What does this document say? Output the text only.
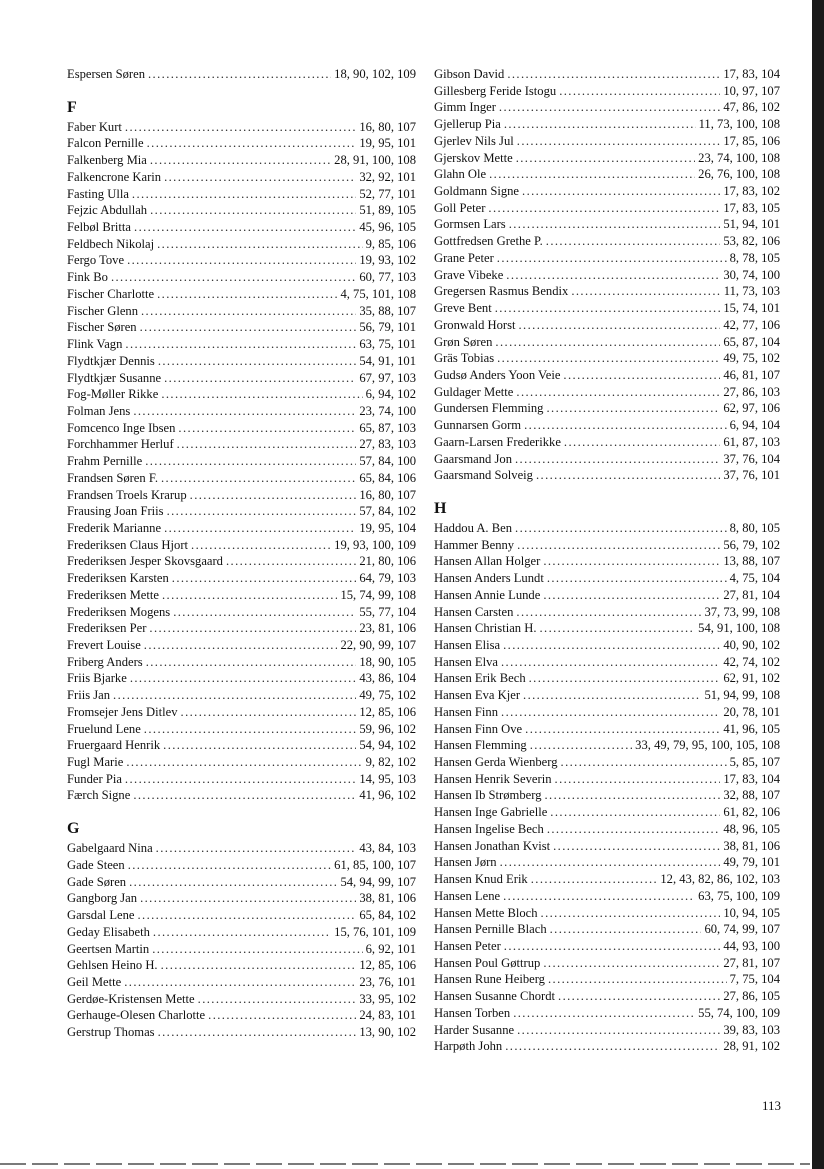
Espersen Søren .....	18, 90, 102, 109
F
Faber Kurt .....	16, 80, 107
Falcon Pernille .....	19, 95, 101
Falkenberg Mia .....	28, 91, 100, 108
Falkencrone Karin .....	32, 92, 101
Fasting Ulla .....	52, 77, 101
Fejzic Abdullah .....	51, 89, 105
Felbøl Britta .....	45, 96, 105
Feldbech Nikolaj .....	9, 85, 106
Fergo Tove .....	19, 93, 102
Fink Bo .....	60, 77, 103
Fischer Charlotte .....	4, 75, 101, 108
Fischer Glenn .....	35, 88, 107
Fischer Søren .....	56, 79, 101
Flink Vagn .....	63, 75, 101
Flydtkjær Dennis .....	54, 91, 101
Flydtkjær Susanne .....	67, 97, 103
Fog-Møller Rikke .....	6, 94, 102
Folman Jens .....	23, 74, 100
Fomcenco Inge Ibsen .....	65, 87, 103
Forchhammer Herluf .....	27, 83, 103
Frahm Pernille .....	57, 84, 100
Frandsen Søren F. .....	65, 84, 106
Frandsen Troels Krarup .....	16, 80, 107
Frausing Joan Friis .....	57, 84, 102
Frederik Marianne .....	19, 95, 104
Frederiksen Claus Hjort .....	19, 93, 100, 109
Frederiksen Jesper Skovsgaard .....	21, 80, 106
Frederiksen Karsten .....	64, 79, 103
Frederiksen Mette .....	15, 74, 99, 108
Frederiksen Mogens .....	55, 77, 104
Frederiksen Per .....	23, 81, 106
Frevert Louise .....	22, 90, 99, 107
Friberg Anders .....	18, 90, 105
Friis Bjarke .....	43, 86, 104
Friis Jan .....	49, 75, 102
Fromsejer Jens Ditlev .....	12, 85, 106
Fruelund Lene .....	59, 96, 102
Fruergaard Henrik .....	54, 94, 102
Fugl Marie .....	9, 82, 102
Funder Pia .....	14, 95, 103
Færch Signe .....	41, 96, 102
G
Gabelgaard Nina .....	43, 84, 103
Gade Steen .....	61, 85, 100, 107
Gade Søren .....	54, 94, 99, 107
Gangborg Jan .....	38, 81, 106
Garsdal Lene .....	65, 84, 102
Geday Elisabeth .....	15, 76, 101, 109
Geertsen Martin .....	6, 92, 101
Gehlsen Heino H. .....	12, 85, 106
Geil Mette .....	23, 76, 101
Gerdøe-Kristensen Mette .....	33, 95, 102
Gerhauge-Olesen Charlotte .....	24, 83, 101
Gerstrup Thomas .....	13, 90, 102
Gibson David .....	17, 83, 104
Gillesberg Feride Istogu .....	10, 97, 107
Gimm Inger .....	47, 86, 102
Gjellerup Pia .....	11, 73, 100, 108
Gjerlev Nils Jul .....	17, 85, 106
Gjerskov Mette .....	23, 74, 100, 108
Glahn Ole .....	26, 76, 100, 108
Goldmann Signe .....	17, 83, 102
Goll Peter .....	17, 83, 105
Gormsen Lars .....	51, 94, 101
Gottfredsen Grethe P. .....	53, 82, 106
Grane Peter .....	8, 78, 105
Grave Vibeke .....	30, 74, 100
Gregersen Rasmus Bendix .....	11, 73, 103
Greve Bent .....	15, 74, 101
Gronwald Horst .....	42, 77, 106
Grøn Søren .....	65, 87, 104
Gräs Tobias .....	49, 75, 102
Gudsø Anders Yoon Veie .....	46, 81, 107
Guldager Mette .....	27, 86, 103
Gundersen Flemming .....	62, 97, 106
Gunnarsen Gorm .....	6, 94, 104
Gaarn-Larsen Frederikke .....	61, 87, 103
Gaarsmand Jon .....	37, 76, 104
Gaarsmand Solveig .....	37, 76, 101
H
Haddou A. Ben .....	8, 80, 105
Hammer Benny .....	56, 79, 102
Hansen Allan Holger .....	13, 88, 107
Hansen Anders Lundt .....	4, 75, 104
Hansen Annie Lunde .....	27, 81, 104
Hansen Carsten .....	37, 73, 99, 108
Hansen Christian H. .....	54, 91, 100, 108
Hansen Elisa .....	40, 90, 102
Hansen Elva .....	42, 74, 102
Hansen Erik Bech .....	62, 91, 102
Hansen Eva Kjer .....	51, 94, 99, 108
Hansen Finn .....	20, 78, 101
Hansen Finn Ove .....	41, 96, 105
Hansen Flemming .....	33, 49, 79, 95, 100, 105, 108
Hansen Gerda Wienberg .....	5, 85, 107
Hansen Henrik Severin .....	17, 83, 104
Hansen Ib Strømberg .....	32, 88, 107
Hansen Inge Gabrielle .....	61, 82, 106
Hansen Ingelise Bech .....	48, 96, 105
Hansen Jonathan Kvist .....	38, 81, 106
Hansen Jørn .....	49, 79, 101
Hansen Knud Erik .....	12, 43, 82, 86, 102, 103
Hansen Lene .....	63, 75, 100, 109
Hansen Mette Bloch .....	10, 94, 105
Hansen Pernille Blach .....	60, 74, 99, 107
Hansen Peter .....	44, 93, 100
Hansen Poul Gøttrup .....	27, 81, 107
Hansen Rune Heiberg .....	7, 75, 104
Hansen Susanne Chordt .....	27, 86, 105
Hansen Torben .....	55, 74, 100, 109
Harder Susanne .....	39, 83, 103
Harpøth John .....	28, 91, 102
113
